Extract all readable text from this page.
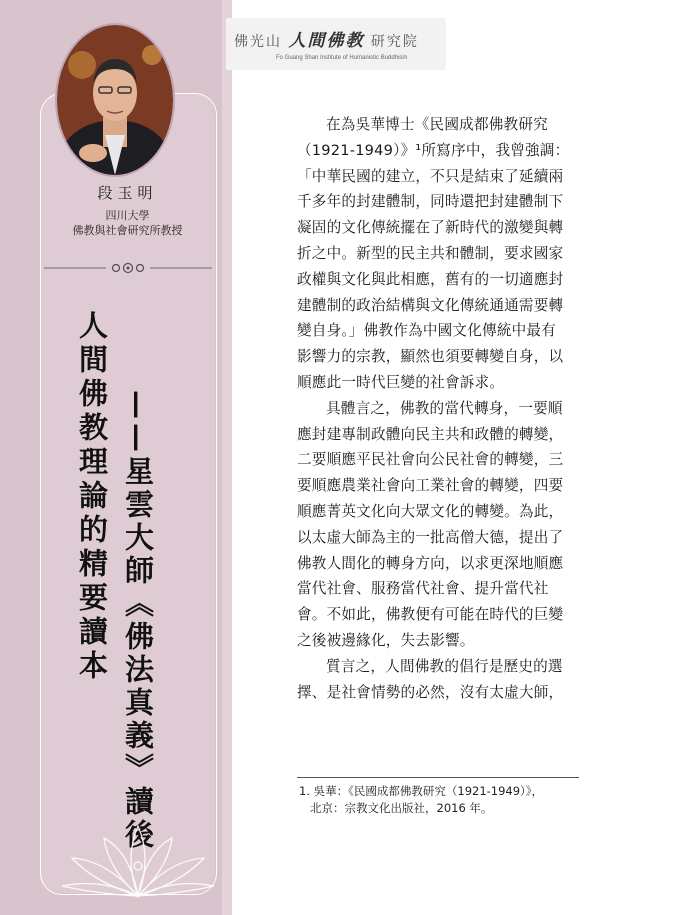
段玉明
四川大學
佛教與社會研究所教授
人間佛教理論的精要讀本 ——星雲大師《佛法真義》讀後
佛光山 人間佛教 研究院
Fo Guang Shan Institute of Humanistic Buddhism

在為吳華博士《民國成都佛教研究
（1921-1949）》¹所寫序中，我曾強調：
「中華民國的建立，不只是結束了延續兩
千多年的封建體制，同時還把封建體制下
凝固的文化傳統擺在了新時代的激變與轉
折之中。新型的民主共和體制，要求國家
政權與文化與此相應，舊有的一切適應封
建體制的政治結構與文化傳統通通需要轉
變自身。」佛教作為中國文化傳統中最有
影響力的宗教，顯然也須要轉變自身，以
順應此一時代巨變的社會訴求。

具體言之，佛教的當代轉身，一要順
應封建專制政體向民主共和政體的轉變，
二要順應平民社會向公民社會的轉變，三
要順應農業社會向工業社會的轉變，四要
順應菁英文化向大眾文化的轉變。為此，
以太虛大師為主的一批高僧大德，提出了
佛教人間化的轉身方向，以求更深地順應
當代社會、服務當代社會、提升當代社
會。不如此，佛教便有可能在時代的巨變
之後被邊緣化，失去影響。

質言之，人間佛教的倡行是歷史的選
擇、是社會情勢的必然，沒有太虛大師，

1. 吳華：《民國成都佛教研究（1921-1949）》，
北京：宗教文化出版社，2016 年。
